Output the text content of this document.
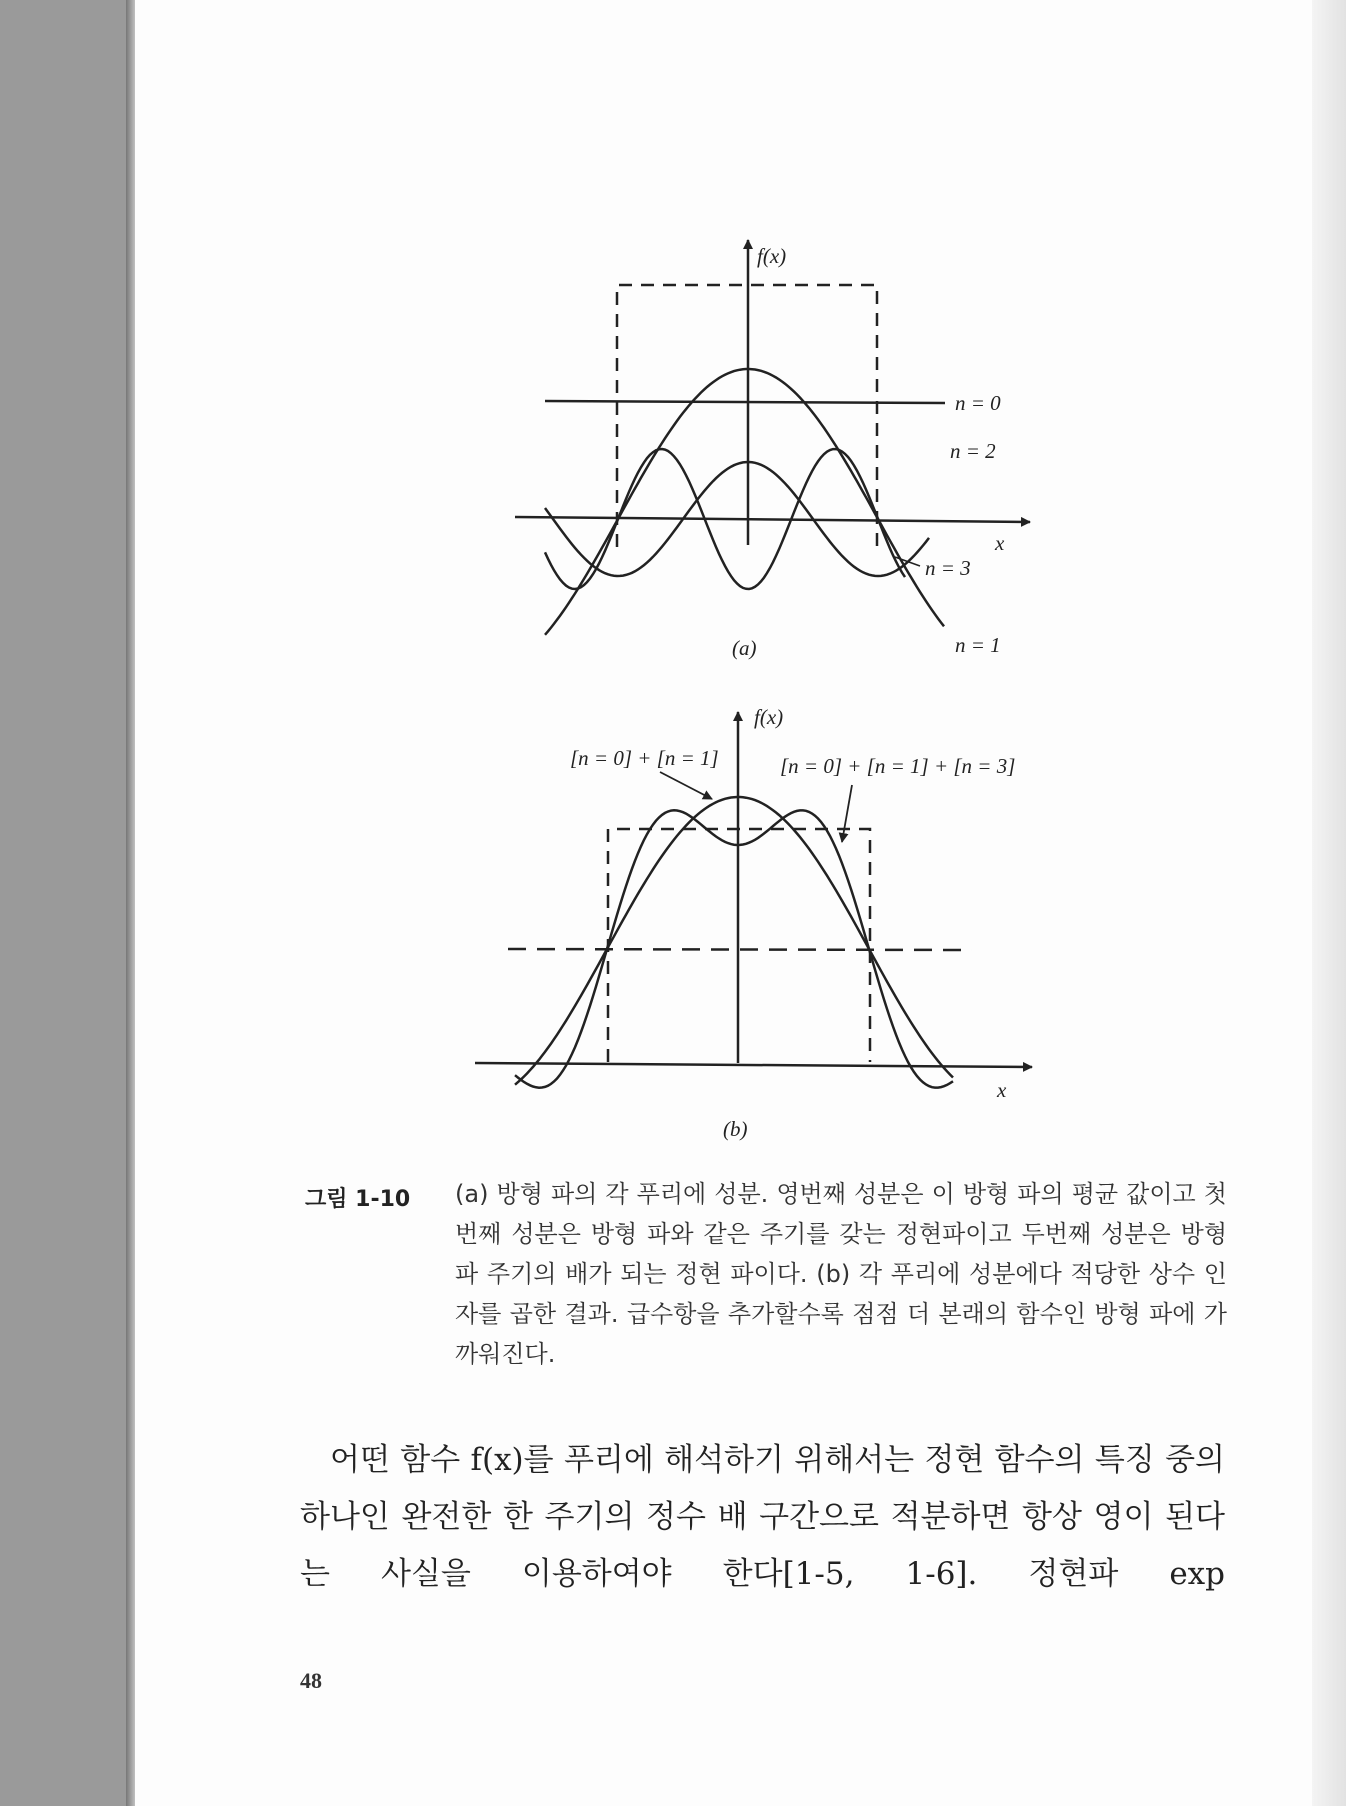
f(x)
x
n = 0
n = 2
n = 3
n = 1
(a)
f(x)
x
[n = 0] + [n = 1]	[n = 0] + [n = 1] + [n = 3]
(b)
그림 1-10 (a) 방형 파의 각 푸리에 성분. 영번째 성분은 이 방형 파의 평균 값이고 첫번째 성분은 방형 파와 같은 주기를 갖는 정현파이고 두번째 성분은 방형 파 주기의 배가 되는 정현 파이다. (b) 각 푸리에 성분에다 적당한 상수 인자를 곱한 결과. 급수항을 추가할수록 점점 더 본래의 함수인 방형 파에 가까워진다.
어떤 함수 f(x)를 푸리에 해석하기 위해서는 정현 함수의 특징 중의 하나인 완전한 한 주기의 정수 배 구간으로 적분하면 항상 영이 된다는 사실을 이용하여야 한다[1-5, 1-6]. 정현파 exp
48
